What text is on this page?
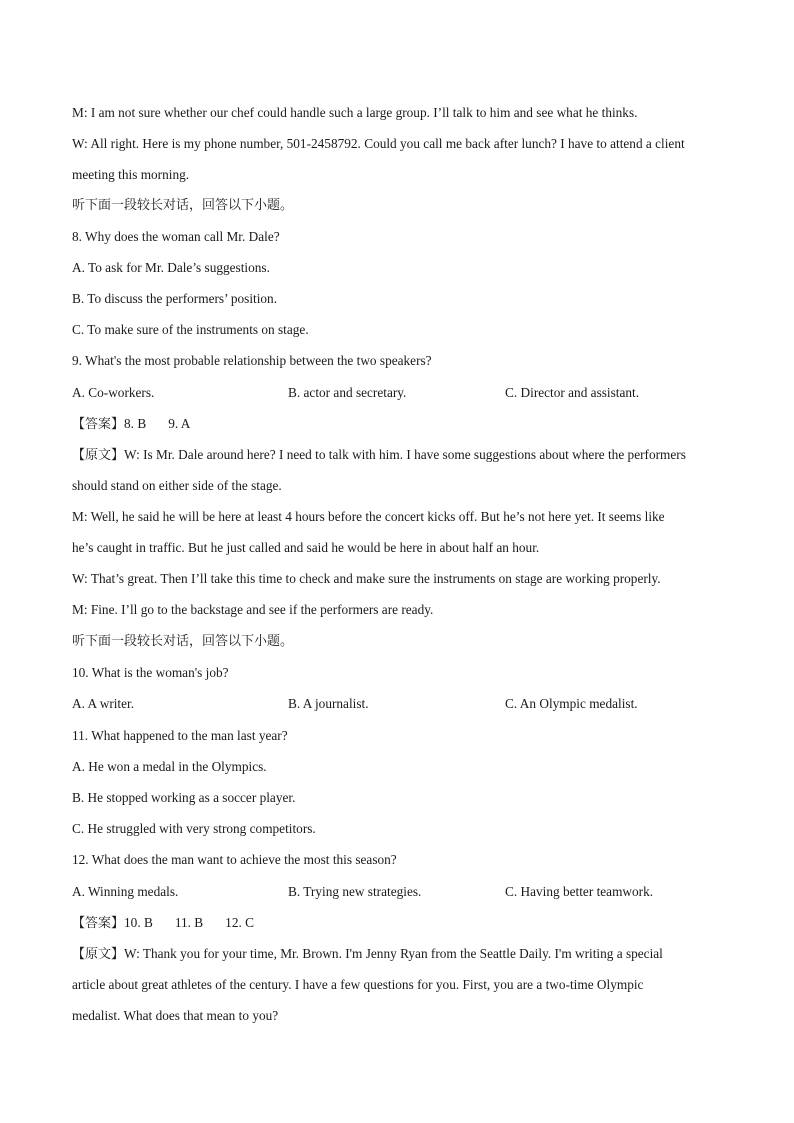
M: I am not sure whether our chef could handle such a large group. I’ll talk to him and see what he thinks.
W: All right. Here is my phone number, 501-2458792. Could you call me back after lunch? I have to attend a client
meeting this morning.
听下面一段较长对话，回答以下小题。
8. Why does the woman call Mr. Dale?
A. To ask for Mr. Dale’s suggestions.
B. To discuss the performers’ position.
C. To make sure of the instruments on stage.
9. What's the most probable relationship between the two speakers?
A. Co-workers.	B. actor and secretary.	C. Director and assistant.
【答案】8. B 9. A
【原文】W: Is Mr. Dale around here? I need to talk with him. I have some suggestions about where the performers
should stand on either side of the stage.
M: Well, he said he will be here at least 4 hours before the concert kicks off. But he’s not here yet. It seems like
he’s caught in traffic. But he just called and said he would be here in about half an hour.
W: That’s great. Then I’ll take this time to check and make sure the instruments on stage are working properly.
M: Fine. I’ll go to the backstage and see if the performers are ready.
听下面一段较长对话，回答以下小题。
10. What is the woman's job?
A. A writer.	B. A journalist.	C. An Olympic medalist.
11. What happened to the man last year?
A. He won a medal in the Olympics.
B. He stopped working as a soccer player.
C. He struggled with very strong competitors.
12. What does the man want to achieve the most this season?
A. Winning medals.	B. Trying new strategies.	C. Having better teamwork.
【答案】10. B 11. B 12. C
【原文】W: Thank you for your time, Mr. Brown. I'm Jenny Ryan from the Seattle Daily. I'm writing a special
article about great athletes of the century. I have a few questions for you. First, you are a two-time Olympic
medalist. What does that mean to you?
